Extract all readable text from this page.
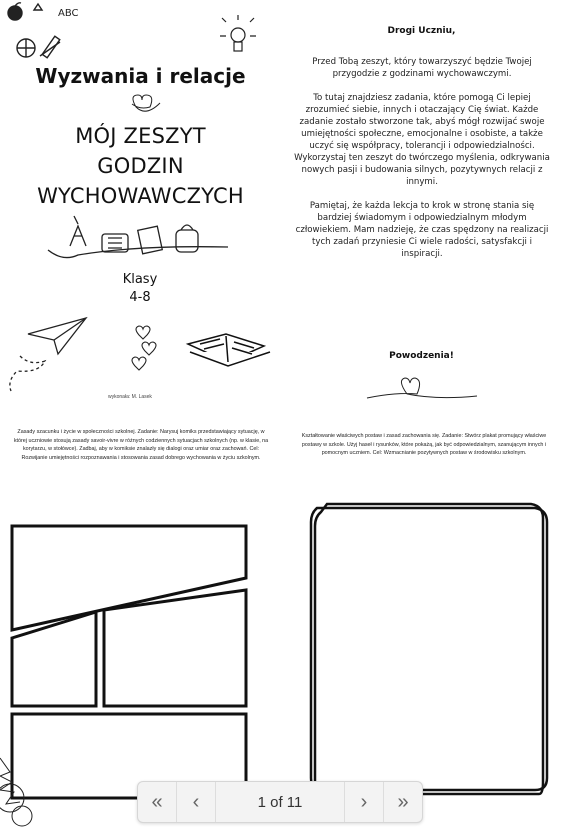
ABC
Wyzwania i relacje
MÓJ ZESZYT
GODZIN
WYCHOWAWCZYCH
Klasy
4-8
wykonała: M. Lasek
Drogi Uczniu,

Przed Tobą zeszyt, który towarzyszyć będzie Twojej przygodzie z godzinami wychowawczymi.

To tutaj znajdziesz zadania, które pomogą Ci lepiej zrozumieć siebie, innych i otaczający Cię świat. Każde zadanie zostało stworzone tak, abyś mógł rozwijać swoje umiejętności społeczne, emocjonalne i osobiste, a także uczyć się współpracy, tolerancji i odpowiedzialności. Wykorzystaj ten zeszyt do twórczego myślenia, odkrywania nowych pasji i budowania silnych, pozytywnych relacji z innymi.

Pamiętaj, że każda lekcja to krok w stronę stania się bardziej świadomym i odpowiedzialnym młodym człowiekiem. Mam nadzieję, że czas spędzony na realizacji tych zadań przyniesie Ci wiele radości, satysfakcji i inspiracji.

Powodzenia!
Zasady szacunku i życie w społeczności szkolnej. Zadanie: Narysuj komiks przedstawiający sytuację, w której uczniowie stosują zasady savoir-vivre w różnych codziennych sytuacjach szkolnych (np. w klasie, na korytarzu, w stołówce). Zadbaj, aby w komiksie znalazły się dialogi oraz umiar oraz zachowań. Cel: Rozwijanie umiejętności rozpoznawania i stosowania zasad dobrego wychowania w życiu szkolnym.
Kształtowanie właściwych postaw i zasad zachowania się. Zadanie: Stwórz plakat promujący właściwe postawy w szkole. Użyj haseł i rysunków, które pokażą, jak być odpowiedzialnym, szanującym innych i pomocnym uczniem. Cel: Wzmacnianie pozytywnych postaw w środowisku szkolnym.
«	‹	1 of 11	›	»
